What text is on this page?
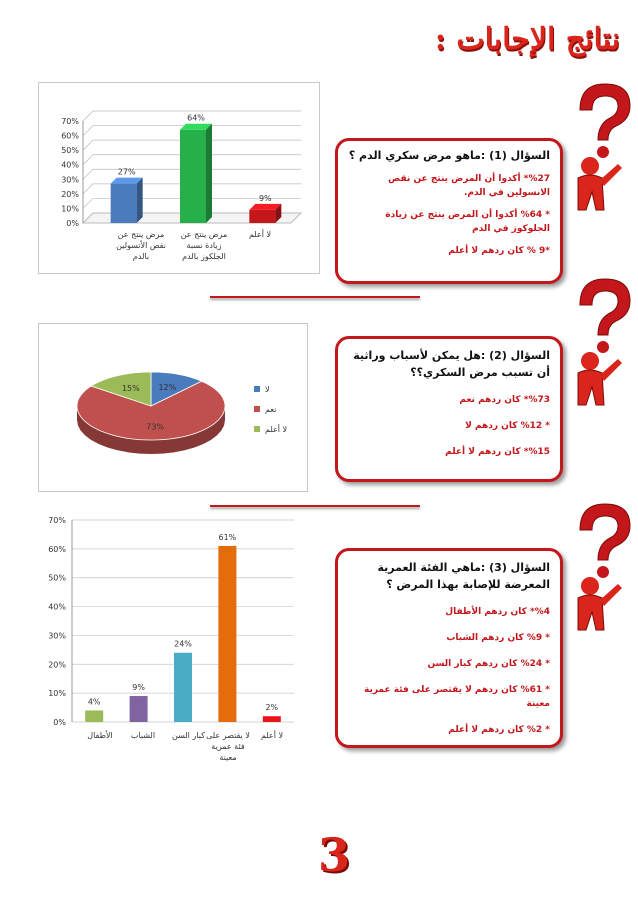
نتائج الإجابات :
0%
10%
20%
30%
40%
50%
60%
70%
27%
64%
9%
مرض ينتج عن نقص الأنسولين بالدم
مرض ينتج عن زيادة نسبة الجلكوز بالدم
لا أعلم
السؤال (1) :ماهو مرض سكري الدم ؟
%27* أكدوا أن المرض ينتج عن نقص الانسولين في الدم.
* %64 أكدوا أن المرض ينتج عن زيادة الجلوكوز في الدم
*9 % كان ردهم لا أعلم
12%
73%
15%	لا
نعم
لا أعلم
السؤال (2) :هل يمكن لأسباب وراثية أن تسبب مرض السكري؟؟
%73* كان ردهم نعم
* %12 كان ردهم لا
%15* كان ردهم لا أعلم
0%
10%
20%
30%
40%
50%
60%
70%
4%
9%
24%
61%
2%
الأطفال	الشباب	كبار السن لا يقتصر على فئة عمرية معينة
لا أعلم
السؤال (3) :ماهي الفئة العمرية المعرضة للإصابة بهذا المرض ؟
%4* كان ردهم الأطفال
* %9 كان ردهم الشباب
* %24 كان ردهم كبار السن
* %61 كان ردهم لا يقتصر على فئة عمرية معينة
* %2 كان ردهم لا أعلم
3
